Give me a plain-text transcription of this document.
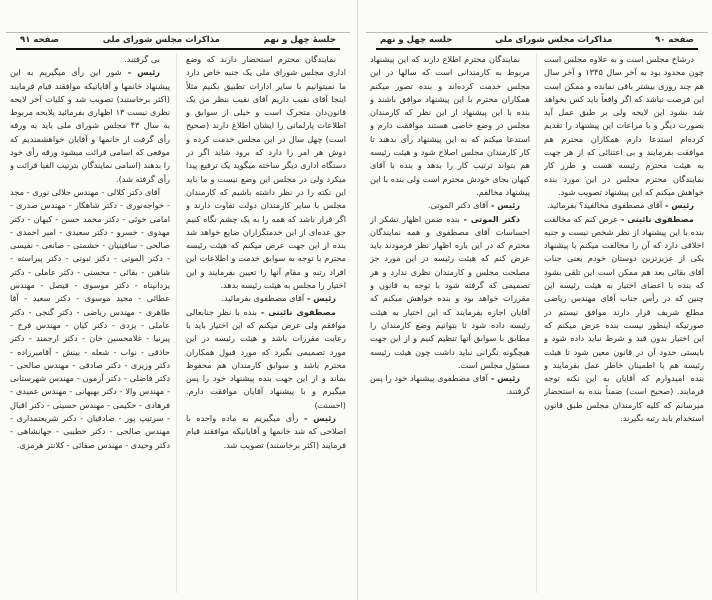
جلسهٔ چهل و نهم
مذاکرات مجلس شورای ملی
صفحه ۹۱

نمایندگان محترم استحضار دارند که وضع اداری مجلس شورای ملی یک جنبه خاص دارد ما نمیتوانیم با سایر ادارات تطبیق بکنیم مثلاً اینجا آقای نقیب داریم آقای نقیب بنظر من یک قانون‌دان متحرک است و خیلی از سوابق و اطلاعات پارلمانی را ایشان اطلاع دارند (صحیح است) چهل سال در این مجلس خدمت کرده و دوش هر امر را دارد که برود شاید اگر در دستگاه اداری دیگر ساخته میگوید یک ترفیع پیدا میکرد ولی در مجلس این وضع نیست و ما باید این نکته را در نظر داشته باشیم که کارمندان مجلس با سایر کارمندان دولت تفاوت دارند و اگر قرار باشد که همه را به یک چشم نگاه کنیم حق عده‌ای از این خدمتگزاران ضایع خواهد شد بنده از این جهت عرض میکنم که هیئت رئیسه محترم با توجه به سوابق خدمت و اطلاعات این افراد رتبه و مقام آنها را تعیین بفرمایند و این اختیار را مجلس به هیئت رئیسه بدهد.

رئیس - آقای مصطفوی بفرمائید.

مصطفوی نائینی - بنده با نظر جنابعالی موافقم ولی عرض میکنم که این اختیار باید با رعایت مقررات باشد و هیئت رئیسه در این مورد تصمیمی بگیرد که مورد قبول همکاران محترم باشد و سوابق کارمندان هم محفوظ بماند و از این جهت بنده پیشنهاد خود را پس میگیرم و با پیشنهاد آقایان موافقت دارم. (احسنت)

رئیس - رأی میگیریم به ماده واحده با اصلاحی که شد خانمها و آقایانیکه موافقند قیام فرمایند (اکثر برخاستند) تصویب شد.

بی گرفتند.

رئیس - شور این رأی میگیریم به این پیشنهاد خانمها و آقایانیکه موافقند قیام فرمایند (اکثر برخاستند) تصویب شد و کلیات آخر لایحه نظری نیست ۱۳ اظهاری بفرمائید بلایحه مربوط به سال ۴۳ مجلس شورای ملی باید به ورقه رأی گرفت از خانمها و آقایان خواهشمندیم که موقعی که اسامی قرائت میشود ورقه رأی خود را بدهند (اسامی نمایندگان بترتیب الفبا قرائت و رأی گرفته شد).

آقای دکتر کلالی - مهندس جلالی نوری - مجد - خواجه‌نوری - دکتر شاهکار - مهندس صدری - امامی خوئی - دکتر محمد حسن - کیهان - دکتر مهدوی - خسرو - دکتر سعیدی - امیر احمدی - صالحی - ساقینیان - حشمتی - صانعی - نفیسی - دکتر الموتی - دکتر ثبوتی - دکتر پیراسته - شاهین - بقائی - محسنی - دکتر عاملی - دکتر یزدانپناه - دکتر موسوی - فیصل - مهندس عطائی - مجید موسوی - دکتر سعید - آقا طاهری - مهندس ریاضی - دکتر گنجی - دکتر عاملی - یزدی - دکتر کیان - مهندس فرخ - پیرنیا - غلامحسین خان - دکتر ارجمند - دکتر حاذقی - نواب - شعله - بینش - آقامیرزاده - دکتر وزیری - دکتر صادقی - مهندس صالحی - دکتر فاضلی - دکتر آزمون - مهندس شهرستانی - مهندس والا - دکتر بهبهانی - مهندس عمیدی - فرهادی - حکیمی - مهندس حسینی - دکتر اقبال - سرتیپ پور - صادقیان - دکتر شریعتمداری - مهندس صالحی - دکتر خطیبی - جهانشاهی - دکتر وحیدی - مهندس صفائی - کلانتر هرمزی.

صفحه ۹۰
مذاکرات مجلس شورای ملی
جلسه چهل و نهم

درشاخ مجلس است و به علاوه مجلس است چون محدود بود به آخر سال ۱۳۴۵ و آخر سال هم چند روزی بیشتر باقی نمانده و ممکن است این فرصت نباشد که اگر واقعاً باید کس بخواهد شد بشود این لایحه ولی بر طبق عمل آید بصورت دیگر و با مراعات این پیشنهاد را تقدیم کرده‌ام استدعا دارم همکاران محترم هم موافقت بفرمایند و بی اعتنائی که از هر جهت به هیئت محترم رئیسه هست و طرز کار نمایندگان محترم مجلس در این مورد بنده خواهش میکنم که این پیشنهاد تصویب شود.

رئیس - آقای مصطفوی مخالفید؟ بفرمائید.

مصطفوی نائینی - عرض کنم که مخالفت بنده با این پیشنهاد از نظر شخص نیست و جنبه اخلاقی دارد که آن را مخالفت میکنم با پیشنهاد یکی از عزیزترین دوستان خودم یعنی جناب آقای بقائی بعد هم ممکن است این تلقی بشود که بنده با اعضای اختیار به هیئت رئیسه این چنین که در رأس جناب آقای مهندس ریاضی مطلع شریف قرار دارند موافق نیستم در صورتیکه اینطور نیست بنده عرض میکنم که این اختیار بدون قید و شرط نباید داده شود و بایستی حدود آن در قانون معین شود تا هیئت رئیسه هم با اطمینان خاطر عمل بفرمایند و بنده امیدوارم که آقایان به این نکته توجه فرمایند. (صحیح است) ضمناً بنده به استحضار میرسانم که کلیه کارمندان مجلس طبق قانون استخدام باید رتبه بگیرند.

نمایندگان محترم اطلاع دارند که این پیشنهاد مربوط به کارمندانی است که سالها در این مجلس خدمت کرده‌اند و بنده تصور میکنم همکاران محترم با این پیشنهاد موافق باشند و بنده با این پیشنهاد از این نظر که کارمندان مجلس در وضع خاصی هستند موافقت دارم و استدعا میکنم که به این پیشنهاد رأی بدهند تا کار کارمندان مجلس اصلاح شود و هیئت رئیسه هم بتواند ترتیب کار را بدهد و بنده با آقای کیهان بجای خودش محترم است ولی بنده با این پیشنهاد مخالفم.

رئیس - آقای دکتر الموتی.

دکتر الموتی - بنده ضمن اظهار تشکر از احساسات آقای مصطفوی و همه نمایندگان محترم که در این باره اظهار نظر فرمودند باید عرض کنم که هیئت رئیسه در این مورد جز مصلحت مجلس و کارمندان نظری ندارد و هر تصمیمی که گرفته شود با توجه به قانون و مقررات خواهد بود و بنده خواهش میکنم که آقایان اجازه بفرمایند که این اختیار به هیئت رئیسه داده شود تا بتوانیم وضع کارمندان را مطابق با سوابق آنها تنظیم کنیم و از این جهت هیچگونه نگرانی نباید داشت چون هیئت رئیسه مسئول مجلس است.

رئیس - آقای مصطفوی پیشنهاد خود را پس گرفتند.
